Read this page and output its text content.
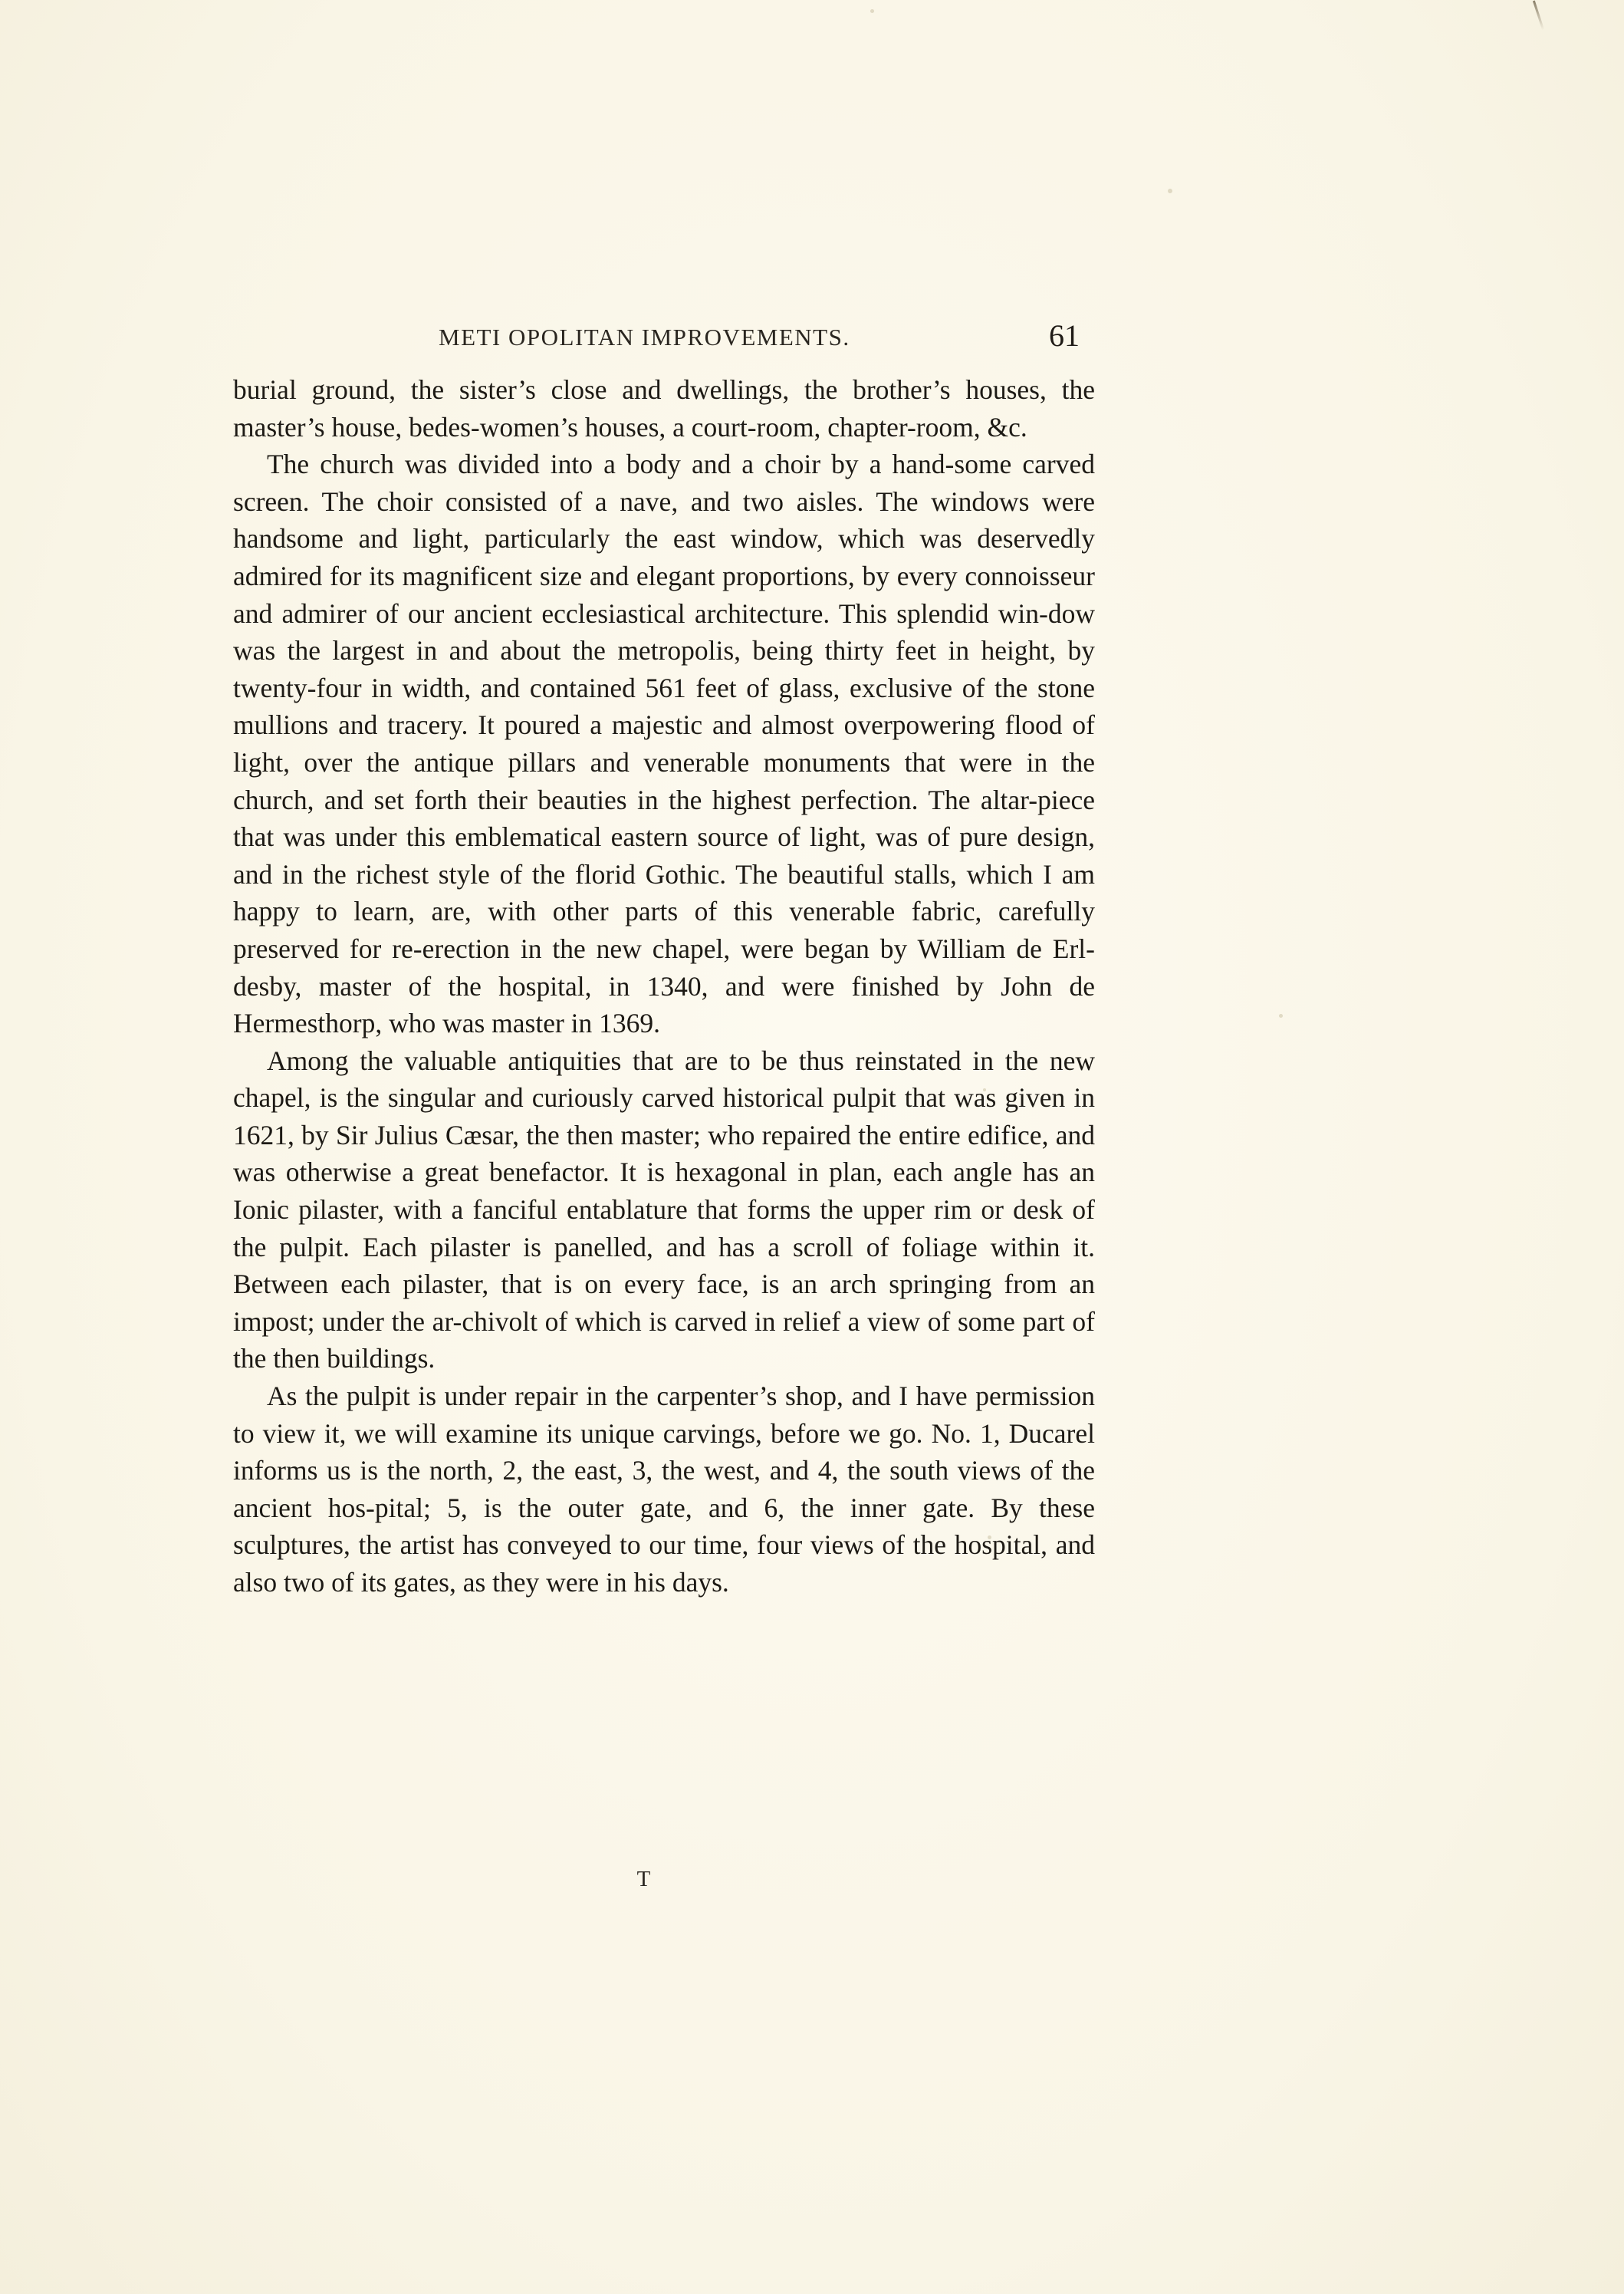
METI OPOLITAN IMPROVEMENTS.	61

burial ground, the sister’s close and dwellings, the brother’s houses, the master’s house, bedes-women’s houses, a court-room, chapter-room, &c.

The church was divided into a body and a choir by a hand-some carved screen. The choir consisted of a nave, and two aisles. The windows were handsome and light, particularly the east window, which was deservedly admired for its magnificent size and elegant proportions, by every connoisseur and admirer of our ancient ecclesiastical architecture. This splendid win-dow was the largest in and about the metropolis, being thirty feet in height, by twenty-four in width, and contained 561 feet of glass, exclusive of the stone mullions and tracery. It poured a majestic and almost overpowering flood of light, over the antique pillars and venerable monuments that were in the church, and set forth their beauties in the highest perfection. The altar-piece that was under this emblematical eastern source of light, was of pure design, and in the richest style of the florid Gothic. The beautiful stalls, which I am happy to learn, are, with other parts of this venerable fabric, carefully preserved for re-erection in the new chapel, were began by William de Erl-desby, master of the hospital, in 1340, and were finished by John de Hermesthorp, who was master in 1369.

Among the valuable antiquities that are to be thus reinstated in the new chapel, is the singular and curiously carved historical pulpit that was given in 1621, by Sir Julius Cæsar, the then master; who repaired the entire edifice, and was otherwise a great benefactor. It is hexagonal in plan, each angle has an Ionic pilaster, with a fanciful entablature that forms the upper rim or desk of the pulpit. Each pilaster is panelled, and has a scroll of foliage within it. Between each pilaster, that is on every face, is an arch springing from an impost; under the ar-chivolt of which is carved in relief a view of some part of the then buildings.

As the pulpit is under repair in the carpenter’s shop, and I have permission to view it, we will examine its unique carvings, before we go. No. 1, Ducarel informs us is the north, 2, the east, 3, the west, and 4, the south views of the ancient hos-pital; 5, is the outer gate, and 6, the inner gate. By these sculptures, the artist has conveyed to our time, four views of the hospital, and also two of its gates, as they were in his days.

T
